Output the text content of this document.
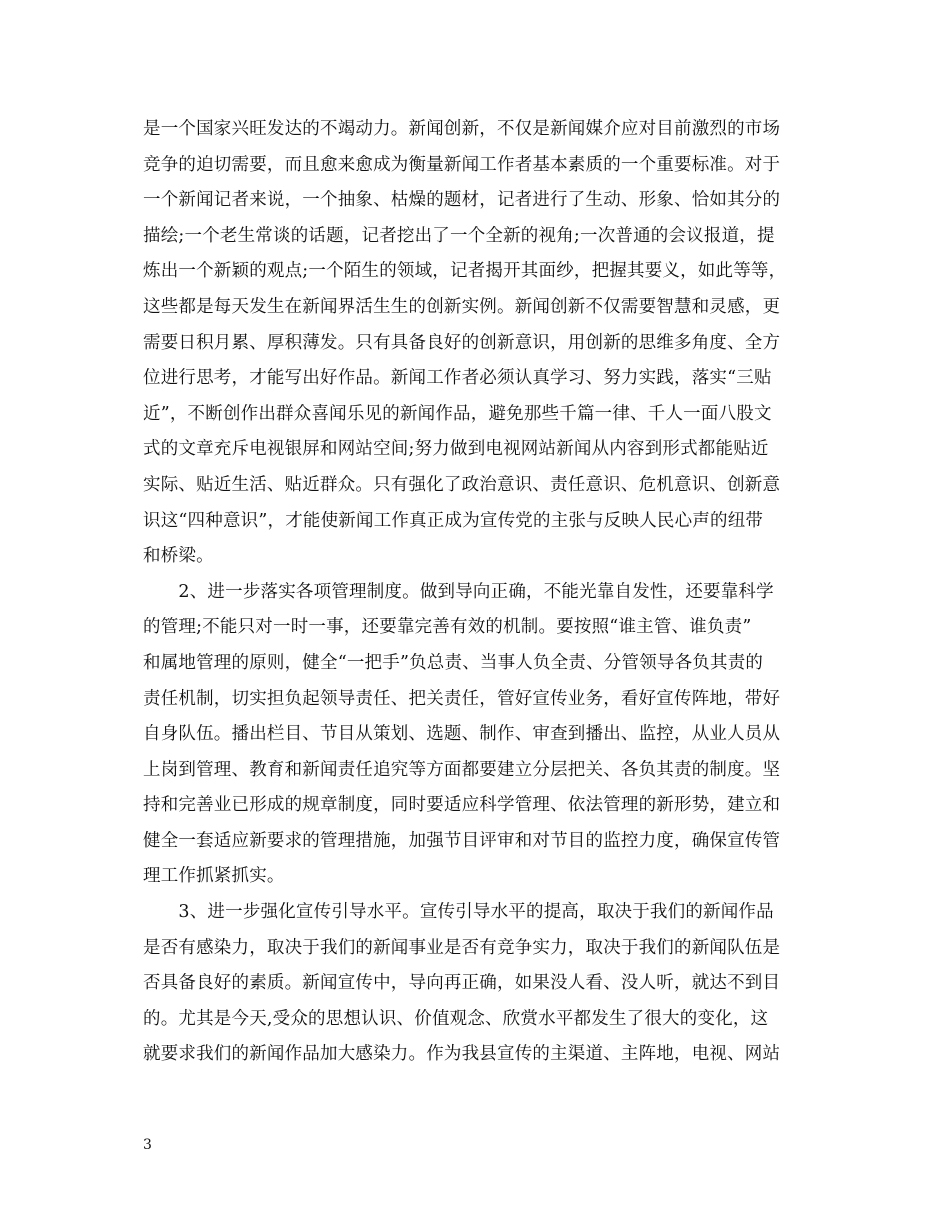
是一个国家兴旺发达的不竭动力。新闻创新，不仅是新闻媒介应对目前激烈的市场
竞争的迫切需要，而且愈来愈成为衡量新闻工作者基本素质的一个重要标准。对于
一个新闻记者来说，一个抽象、枯燥的题材，记者进行了生动、形象、恰如其分的
描绘;一个老生常谈的话题，记者挖出了一个全新的视角;一次普通的会议报道，提
炼出一个新颖的观点;一个陌生的领域，记者揭开其面纱，把握其要义，如此等等，
这些都是每天发生在新闻界活生生的创新实例。新闻创新不仅需要智慧和灵感，更
需要日积月累、厚积薄发。只有具备良好的创新意识，用创新的思维多角度、全方
位进行思考，才能写出好作品。新闻工作者必须认真学习、努力实践，落实“三贴
近”，不断创作出群众喜闻乐见的新闻作品，避免那些千篇一律、千人一面八股文
式的文章充斥电视银屏和网站空间;努力做到电视网站新闻从内容到形式都能贴近
实际、贴近生活、贴近群众。只有强化了政治意识、责任意识、危机意识、创新意
识这“四种意识”，才能使新闻工作真正成为宣传党的主张与反映人民心声的纽带
和桥梁。
　　2、进一步落实各项管理制度。做到导向正确，不能光靠自发性，还要靠科学
的管理;不能只对一时一事，还要靠完善有效的机制。要按照“谁主管、谁负责”
和属地管理的原则，健全“一把手”负总责、当事人负全责、分管领导各负其责的
责任机制，切实担负起领导责任、把关责任，管好宣传业务，看好宣传阵地，带好
自身队伍。播出栏目、节目从策划、选题、制作、审查到播出、监控，从业人员从
上岗到管理、教育和新闻责任追究等方面都要建立分层把关、各负其责的制度。坚
持和完善业已形成的规章制度，同时要适应科学管理、依法管理的新形势，建立和
健全一套适应新要求的管理措施，加强节目评审和对节目的监控力度，确保宣传管
理工作抓紧抓实。
　　3、进一步强化宣传引导水平。宣传引导水平的提高，取决于我们的新闻作品
是否有感染力，取决于我们的新闻事业是否有竞争实力，取决于我们的新闻队伍是
否具备良好的素质。新闻宣传中，导向再正确，如果没人看、没人听，就达不到目
的。尤其是今天,受众的思想认识、价值观念、欣赏水平都发生了很大的变化，这
就要求我们的新闻作品加大感染力。作为我县宣传的主渠道、主阵地，电视、网站
3
